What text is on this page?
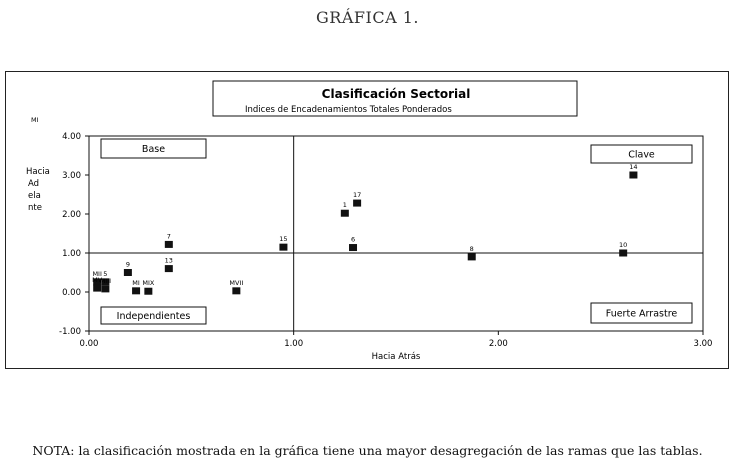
GRÁFICA 1.
Clasificación Sectorial
Indices de Encadenamientos Totales Ponderados
MI
Hacia
Ad
ela
nte
0.00	1.00	2.00	3.00
-1.00
0.00
1.00
2.00
3.00
4.00
Base	Clave
Independientes	Fuerte Arrastre
14
17
1
6
15
7
10
8
13
9
MI MIX	MVII
MII 5
MV
MIII
Hacia Atrás
NOTA: la clasificación mostrada en la gráfica tiene una mayor desagregación de las ramas que las tablas.
